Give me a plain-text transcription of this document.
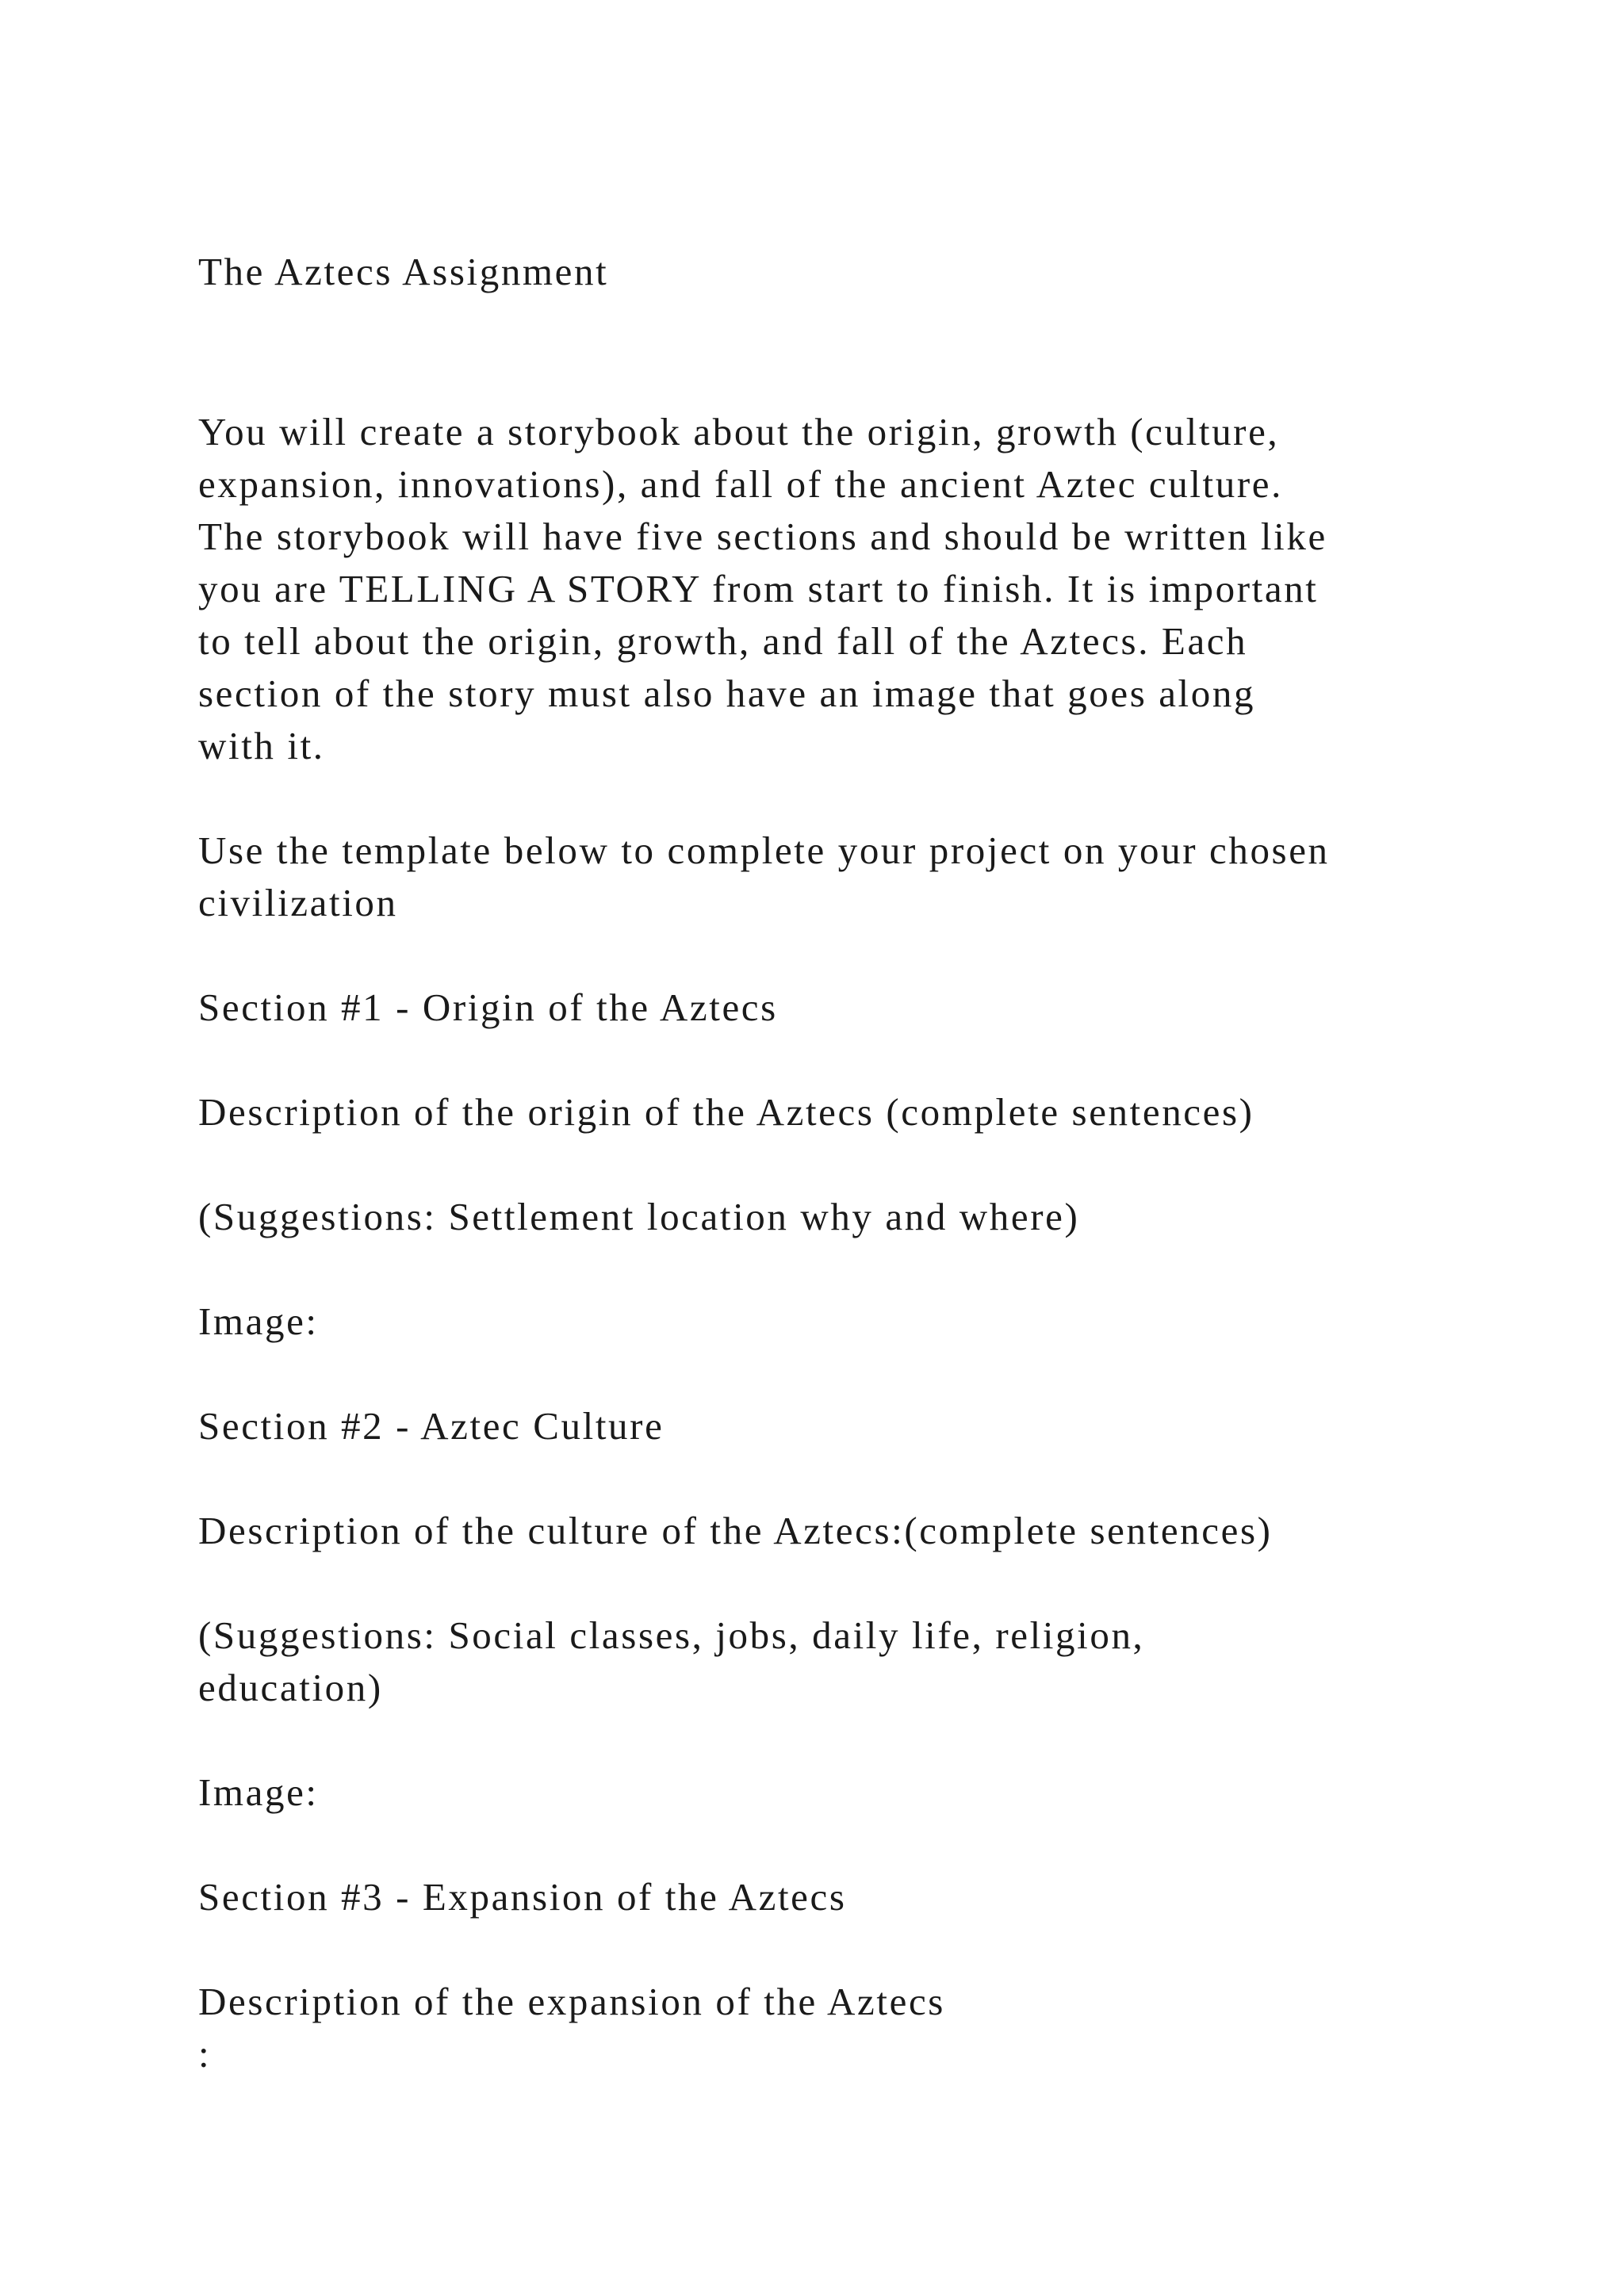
The Aztecs Assignment
You will create a storybook about the origin, growth (culture,
expansion, innovations), and fall of the ancient Aztec culture.
The storybook will have five sections and should be written like
you are TELLING A STORY from start to finish. It is important
to tell about the origin, growth, and fall of the Aztecs. Each
section of the story must also have an image that goes along
with it.
Use the template below to complete your project on your chosen
civilization
Section #1 - Origin of the Aztecs
Description of the origin of the Aztecs (complete sentences)
(Suggestions: Settlement location why and where)
Image:
Section #2 - Aztec Culture
Description of the culture of the Aztecs:(complete sentences)
(Suggestions: Social classes, jobs, daily life, religion,
education)
Image:
Section #3 - Expansion of the Aztecs
Description of the expansion of the Aztecs
:
